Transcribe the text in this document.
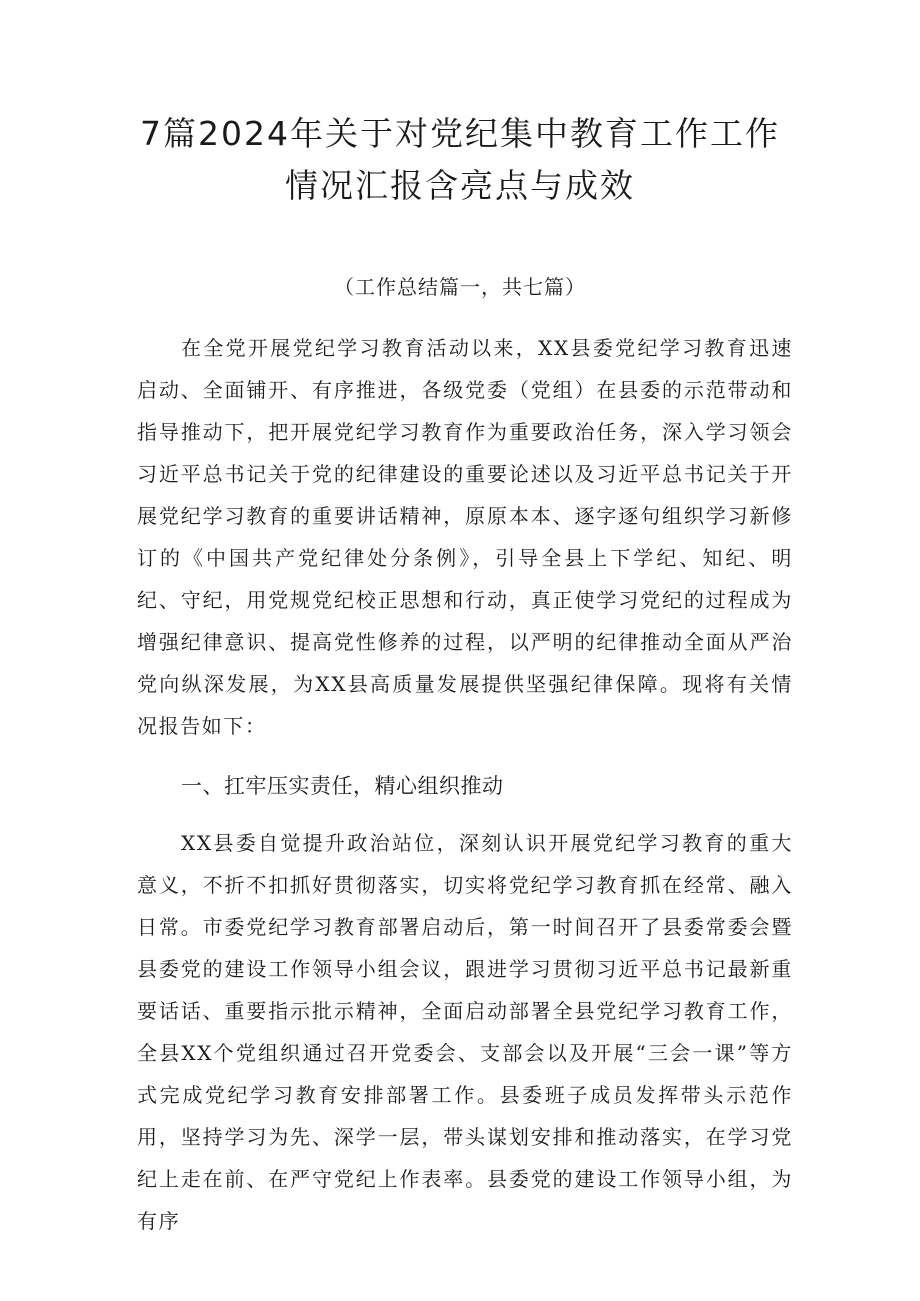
7篇2024年关于对党纪集中教育工作工作
情况汇报含亮点与成效

（工作总结篇一，共七篇）

在全党开展党纪学习教育活动以来，XX县委党纪学习教育迅速启动、全面铺开、有序推进，各级党委（党组）在县委的示范带动和指导推动下，把开展党纪学习教育作为重要政治任务，深入学习领会习近平总书记关于党的纪律建设的重要论述以及习近平总书记关于开展党纪学习教育的重要讲话精神，原原本本、逐字逐句组织学习新修订的《中国共产党纪律处分条例》，引导全县上下学纪、知纪、明纪、守纪，用党规党纪校正思想和行动，真正使学习党纪的过程成为增强纪律意识、提高党性修养的过程，以严明的纪律推动全面从严治党向纵深发展，为XX县高质量发展提供坚强纪律保障。现将有关情况报告如下：

一、扛牢压实责任，精心组织推动

XX县委自觉提升政治站位，深刻认识开展党纪学习教育的重大意义，不折不扣抓好贯彻落实，切实将党纪学习教育抓在经常、融入日常。市委党纪学习教育部署启动后，第一时间召开了县委常委会暨县委党的建设工作领导小组会议，跟进学习贯彻习近平总书记最新重要话话、重要指示批示精神，全面启动部署全县党纪学习教育工作，全县XX个党组织通过召开党委会、支部会以及开展“三会一课”等方式完成党纪学习教育安排部署工作。县委班子成员发挥带头示范作用，坚持学习为先、深学一层，带头谋划安排和推动落实，在学习党纪上走在前、在严守党纪上作表率。县委党的建设工作领导小组，为有序
